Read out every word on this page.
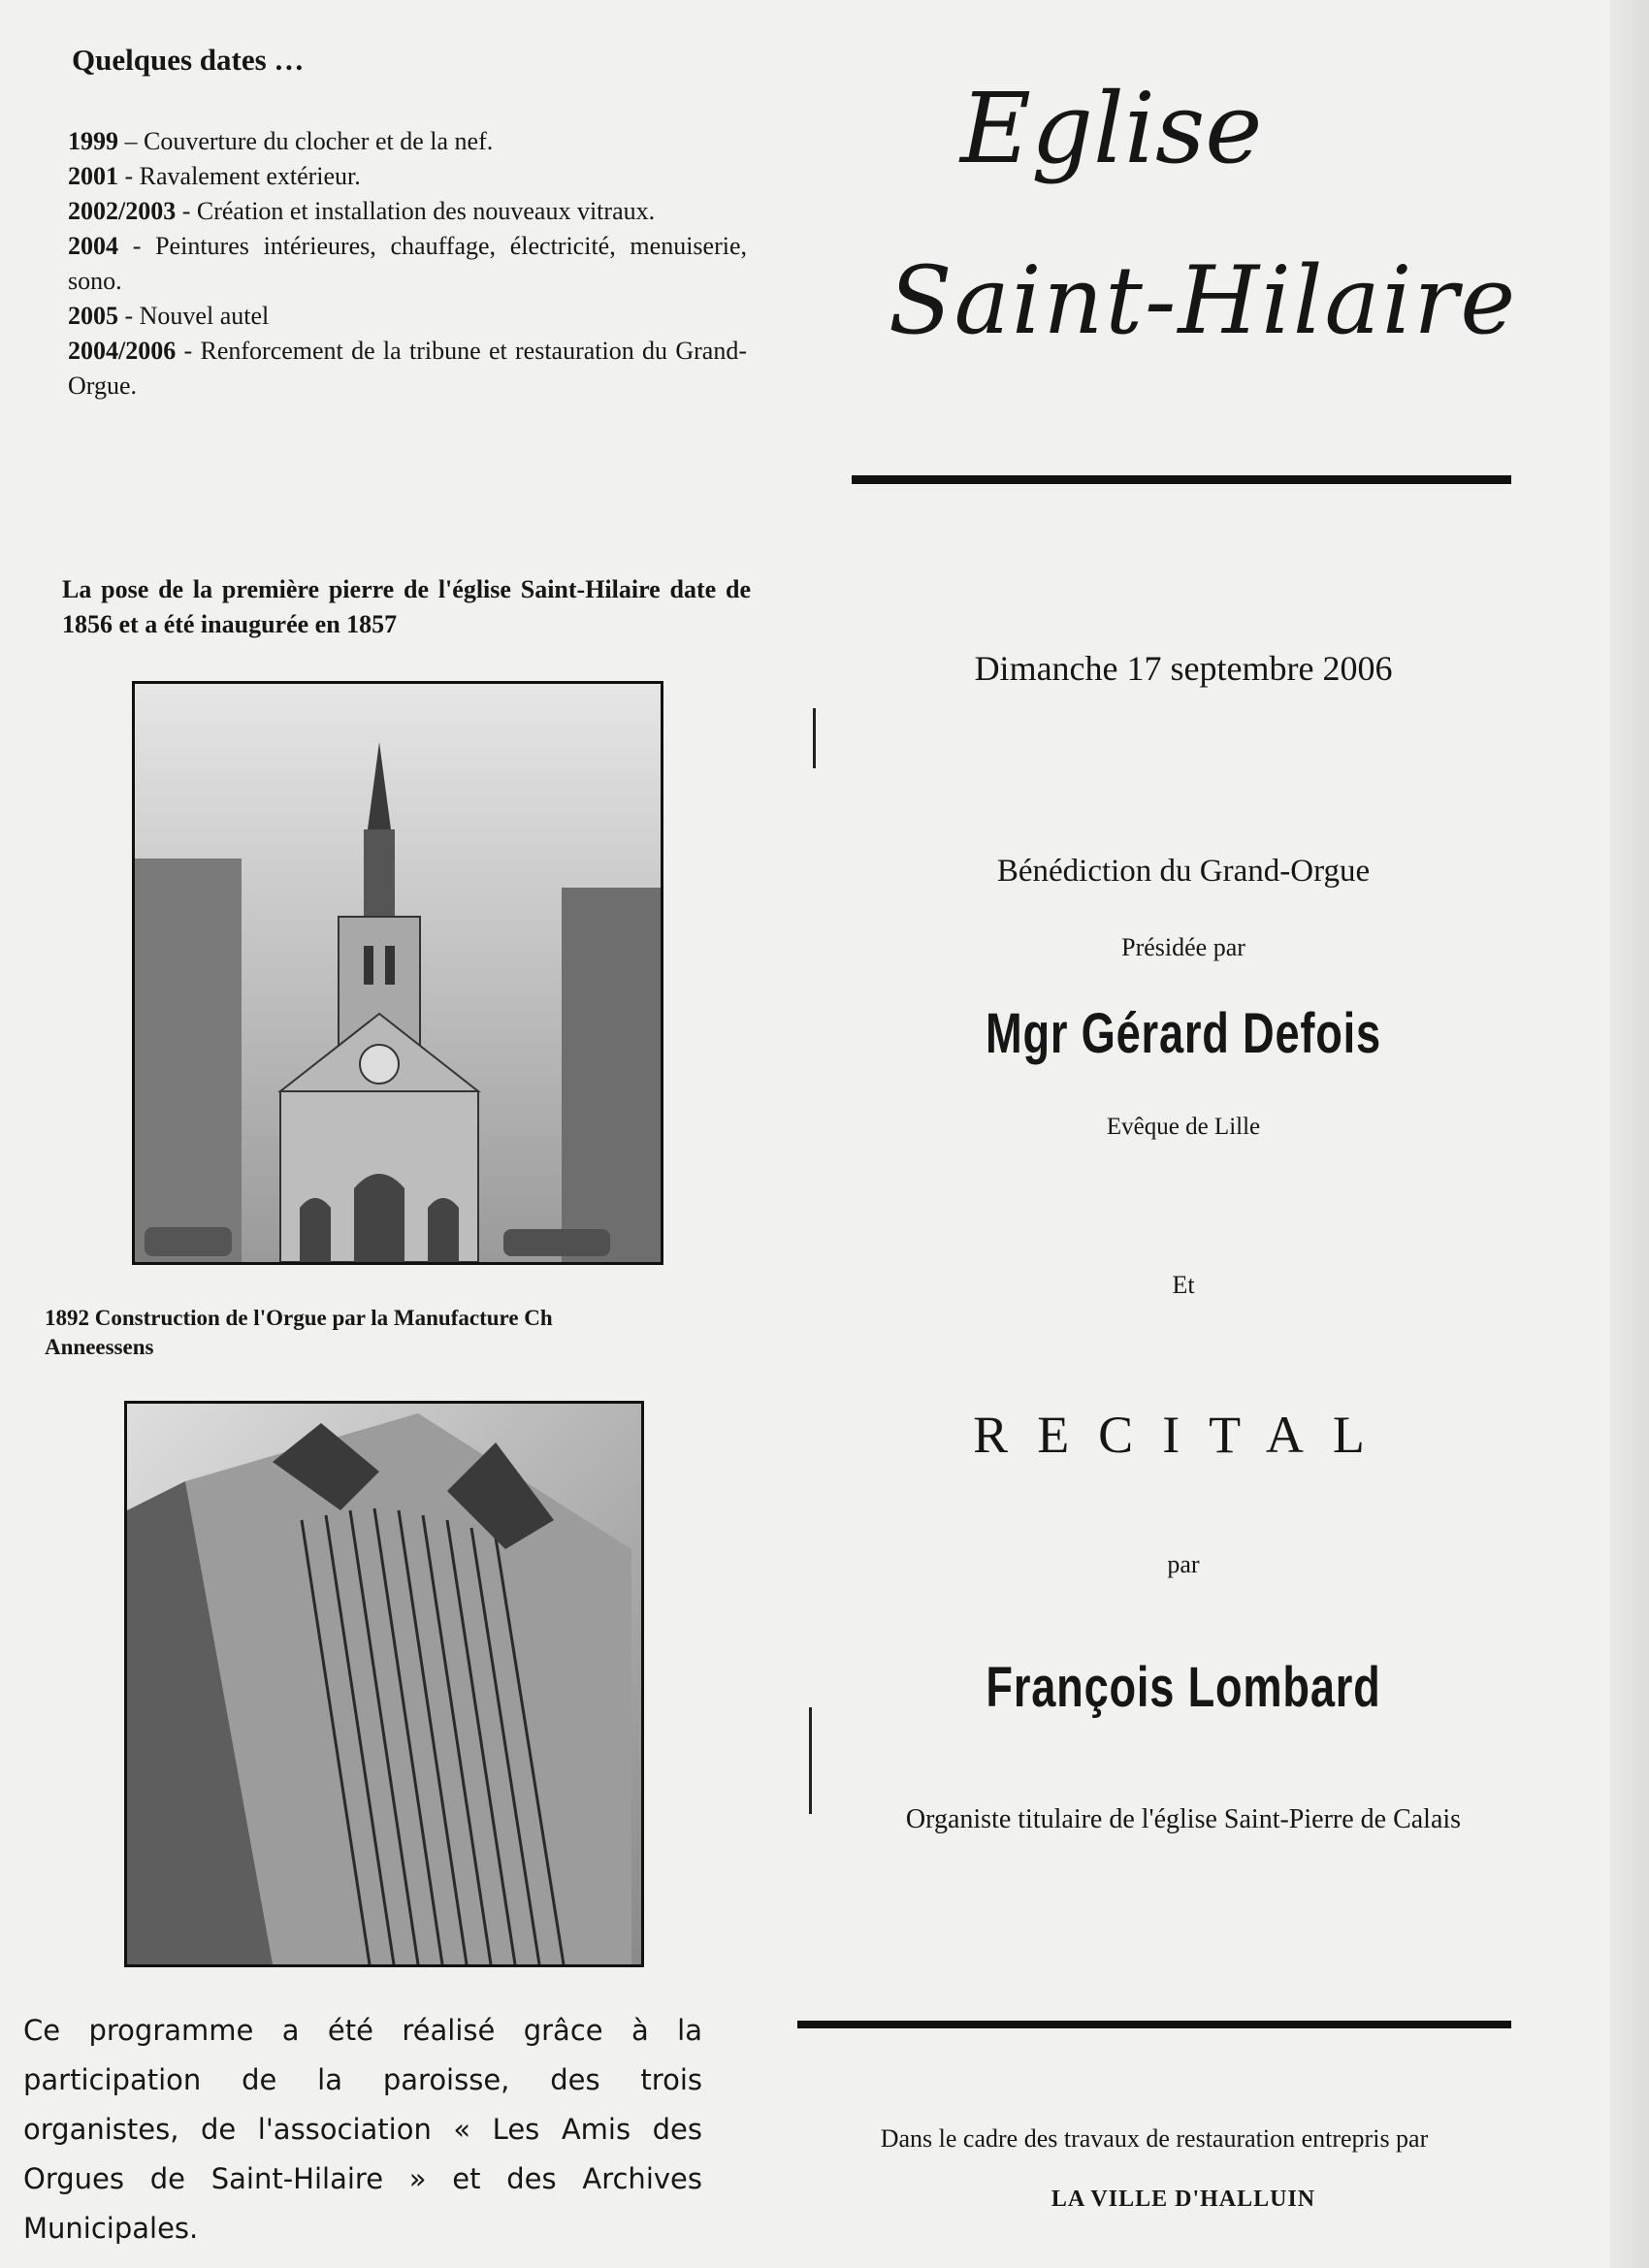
Quelques dates …
1999 – Couverture du clocher et de la nef.
2001 - Ravalement extérieur.
2002/2003 - Création et installation des nouveaux vitraux.
2004 - Peintures intérieures, chauffage, électricité, menuiserie, sono.
2005 - Nouvel autel
2004/2006 - Renforcement de la tribune et restauration du Grand-Orgue.
La pose de la première pierre de l'église Saint-Hilaire date de 1856 et a été inaugurée en 1857
1892 Construction de l'Orgue par la Manufacture Ch
Anneessens
Ce programme a été réalisé grâce à la participation de la paroisse, des trois organistes, de l'association « Les Amis des Orgues de Saint-Hilaire » et des Archives Municipales.
Eglise
Saint-Hilaire
Dimanche 17 septembre 2006
Bénédiction du Grand-Orgue
Présidée par
Mgr Gérard Defois
Evêque de Lille
Et
RECITAL
par
François Lombard
Organiste titulaire de l'église Saint-Pierre de Calais
Dans le cadre des travaux de restauration entrepris par
LA VILLE D'HALLUIN
